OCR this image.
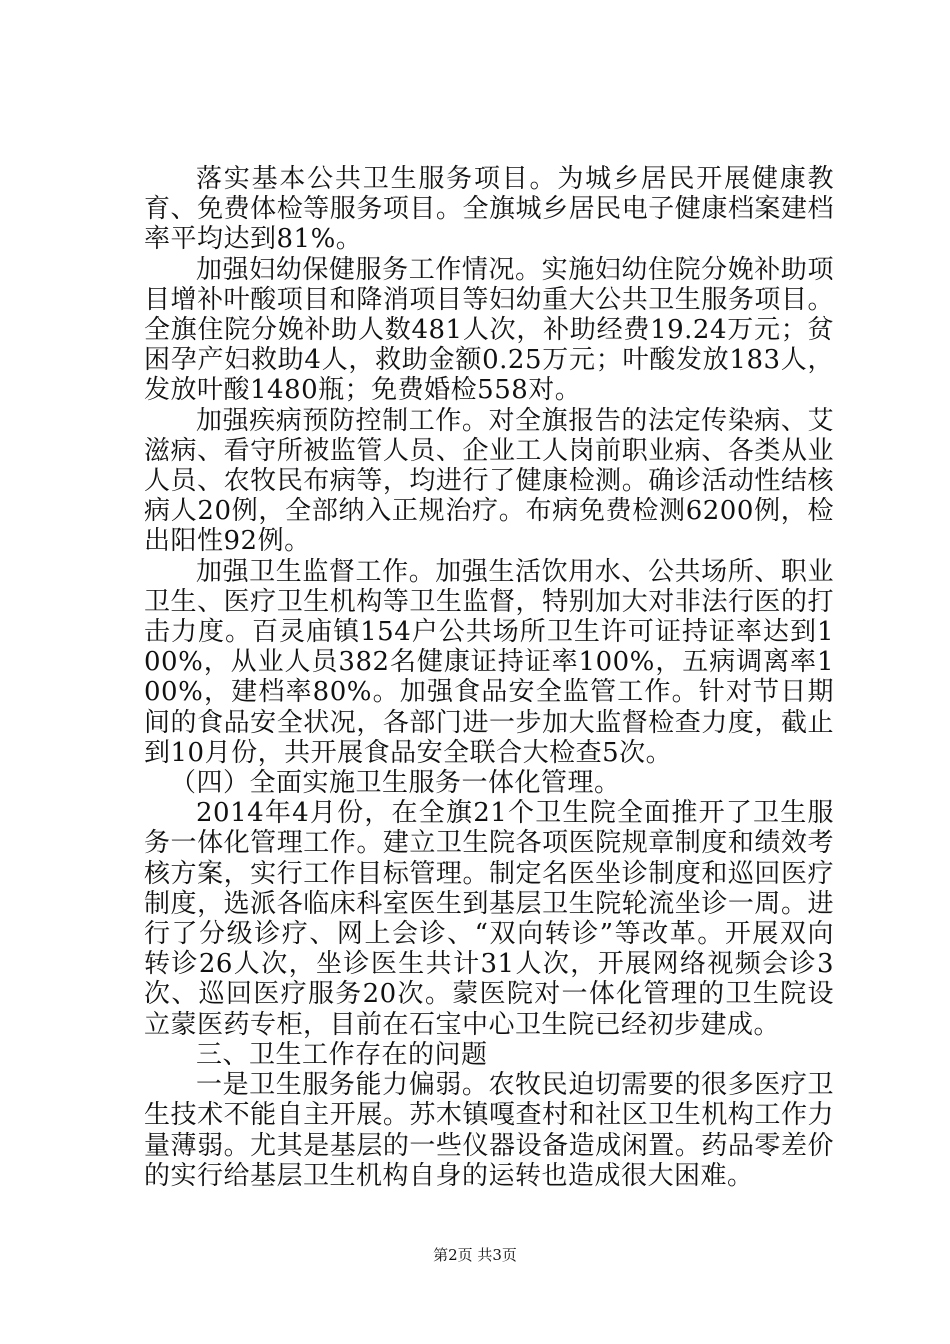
落实基本公共卫生服务项目。为城乡居民开展健康教育、免费体检等服务项目。全旗城乡居民电子健康档案建档率平均达到81%。

加强妇幼保健服务工作情况。实施妇幼住院分娩补助项目增补叶酸项目和降消项目等妇幼重大公共卫生服务项目。全旗住院分娩补助人数481人次，补助经费19.24万元；贫困孕产妇救助4人，救助金额0.25万元；叶酸发放183人，发放叶酸1480瓶；免费婚检558对。

加强疾病预防控制工作。对全旗报告的法定传染病、艾滋病、看守所被监管人员、企业工人岗前职业病、各类从业人员、农牧民布病等，均进行了健康检测。确诊活动性结核病人20例，全部纳入正规治疗。布病免费检测6200例，检出阳性92例。

加强卫生监督工作。加强生活饮用水、公共场所、职业卫生、医疗卫生机构等卫生监督，特别加大对非法行医的打击力度。百灵庙镇154户公共场所卫生许可证持证率达到100%，从业人员382名健康证持证率100%，五病调离率100%，建档率80%。加强食品安全监管工作。针对节日期间的食品安全状况，各部门进一步加大监督检查力度，截止到10月份，共开展食品安全联合大检查5次。

（四）全面实施卫生服务一体化管理。

2014年4月份，在全旗21个卫生院全面推开了卫生服务一体化管理工作。建立卫生院各项医院规章制度和绩效考核方案，实行工作目标管理。制定名医坐诊制度和巡回医疗制度，选派各临床科室医生到基层卫生院轮流坐诊一周。进行了分级诊疗、网上会诊、“双向转诊”等改革。开展双向转诊26人次，坐诊医生共计31人次，开展网络视频会诊3次、巡回医疗服务20次。蒙医院对一体化管理的卫生院设立蒙医药专柜，目前在石宝中心卫生院已经初步建成。

三、卫生工作存在的问题

一是卫生服务能力偏弱。农牧民迫切需要的很多医疗卫生技术不能自主开展。苏木镇嘎查村和社区卫生机构工作力量薄弱。尤其是基层的一些仪器设备造成闲置。药品零差价的实行给基层卫生机构自身的运转也造成很大困难。

第2页 共3页
